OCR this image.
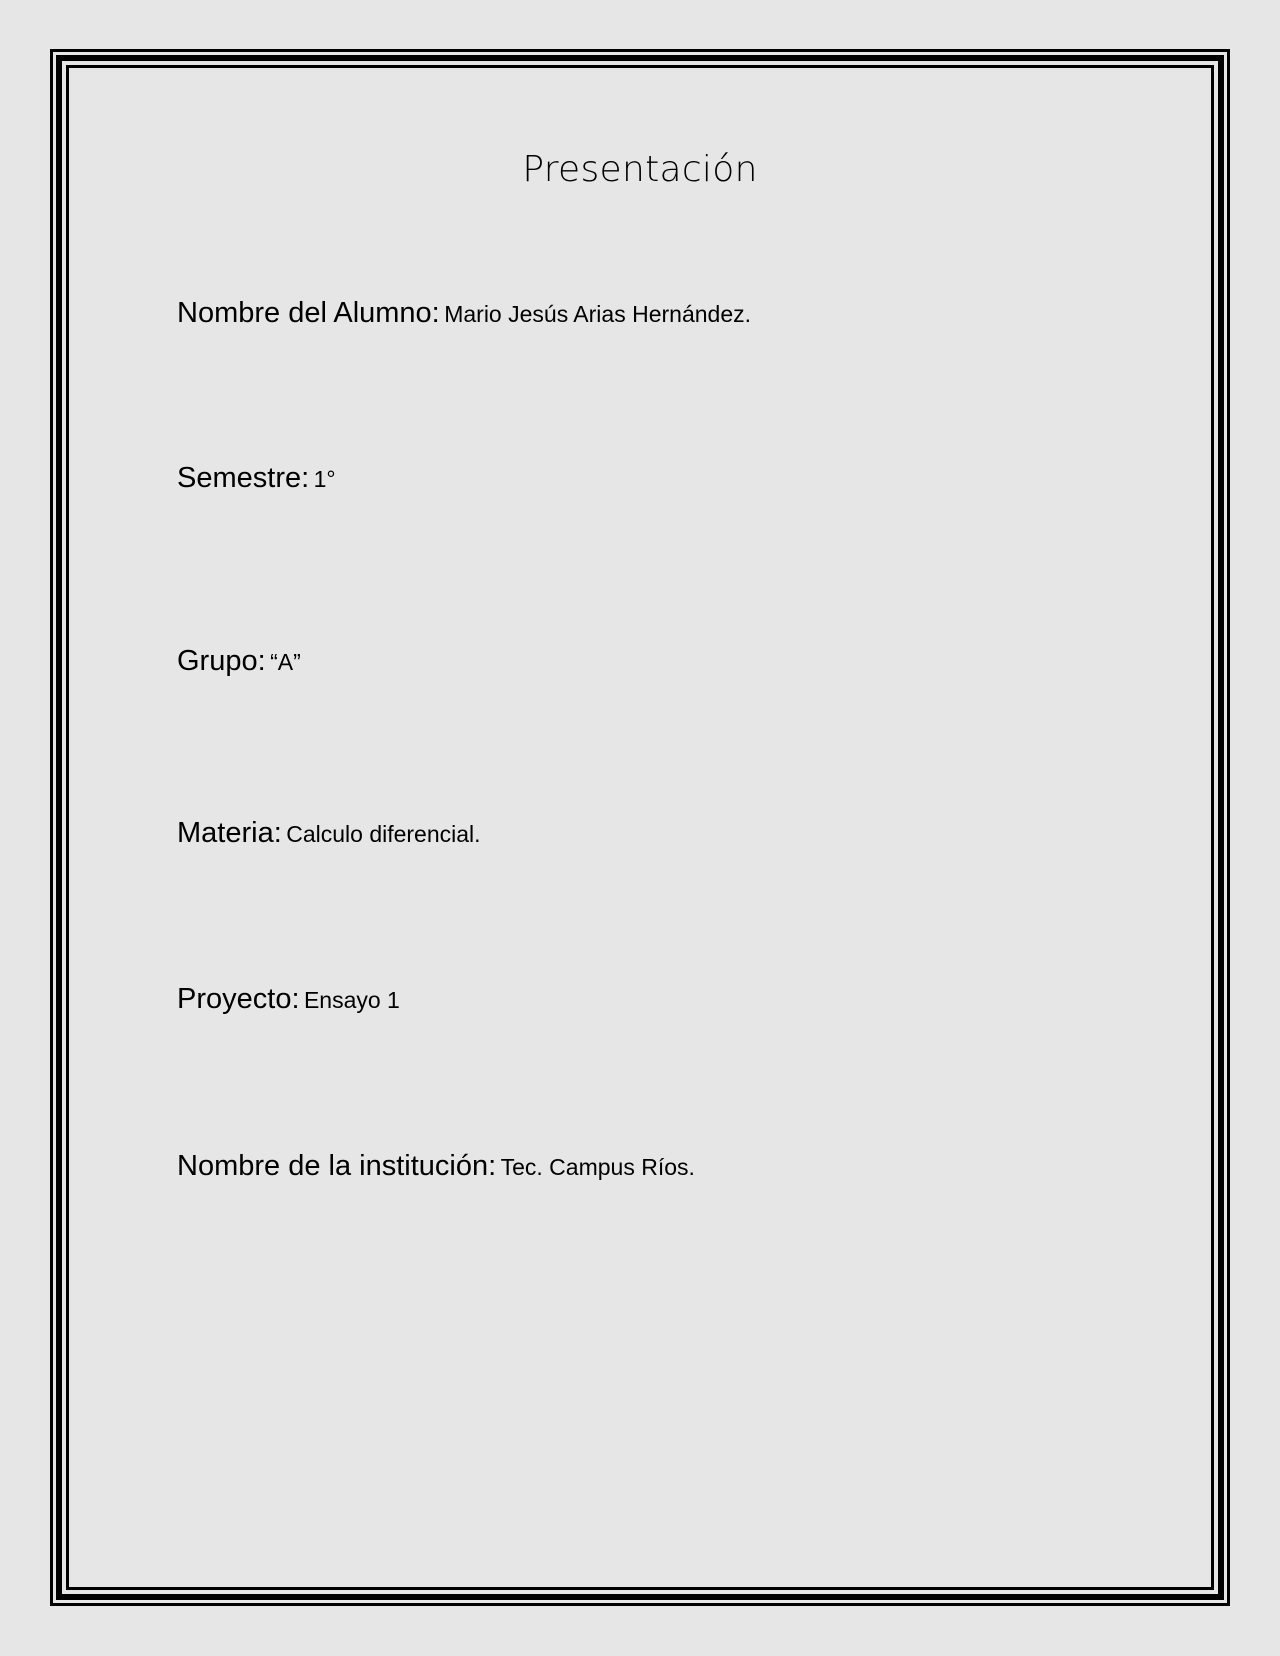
Presentación

Nombre del Alumno: Mario Jesús Arias Hernández.

Semestre: 1°

Grupo: “A”

Materia: Calculo diferencial.

Proyecto: Ensayo 1

Nombre de la institución: Tec. Campus Ríos.
